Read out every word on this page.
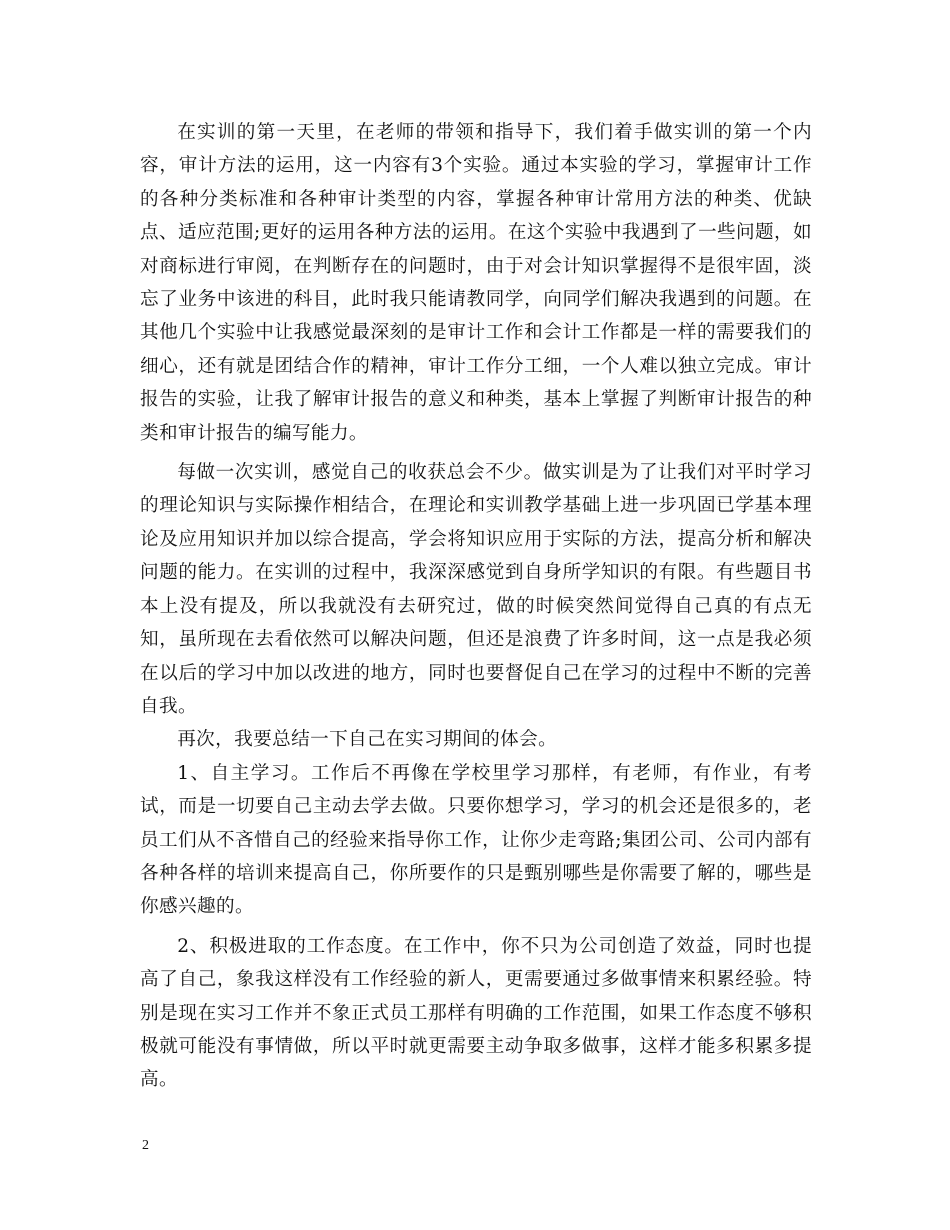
在实训的第一天里，在老师的带领和指导下，我们着手做实训的第一个内容，审计方法的运用，这一内容有3个实验。通过本实验的学习，掌握审计工作的各种分类标准和各种审计类型的内容，掌握各种审计常用方法的种类、优缺点、适应范围;更好的运用各种方法的运用。在这个实验中我遇到了一些问题，如对商标进行审阅，在判断存在的问题时，由于对会计知识掌握得不是很牢固，淡忘了业务中该进的科目，此时我只能请教同学，向同学们解决我遇到的问题。在其他几个实验中让我感觉最深刻的是审计工作和会计工作都是一样的需要我们的细心，还有就是团结合作的精神，审计工作分工细，一个人难以独立完成。审计报告的实验，让我了解审计报告的意义和种类，基本上掌握了判断审计报告的种类和审计报告的编写能力。

每做一次实训，感觉自己的收获总会不少。做实训是为了让我们对平时学习的理论知识与实际操作相结合，在理论和实训教学基础上进一步巩固已学基本理论及应用知识并加以综合提高，学会将知识应用于实际的方法，提高分析和解决问题的能力。在实训的过程中，我深深感觉到自身所学知识的有限。有些题目书本上没有提及，所以我就没有去研究过，做的时候突然间觉得自己真的有点无知，虽所现在去看依然可以解决问题，但还是浪费了许多时间，这一点是我必须在以后的学习中加以改进的地方，同时也要督促自己在学习的过程中不断的完善自我。

再次，我要总结一下自己在实习期间的体会。

1、自主学习。工作后不再像在学校里学习那样，有老师，有作业，有考试，而是一切要自己主动去学去做。只要你想学习，学习的机会还是很多的，老员工们从不吝惜自己的经验来指导你工作，让你少走弯路;集团公司、公司内部有各种各样的培训来提高自己，你所要作的只是甄别哪些是你需要了解的，哪些是你感兴趣的。

2、积极进取的工作态度。在工作中，你不只为公司创造了效益，同时也提高了自己，象我这样没有工作经验的新人，更需要通过多做事情来积累经验。特别是现在实习工作并不象正式员工那样有明确的工作范围，如果工作态度不够积极就可能没有事情做，所以平时就更需要主动争取多做事，这样才能多积累多提高。

2
